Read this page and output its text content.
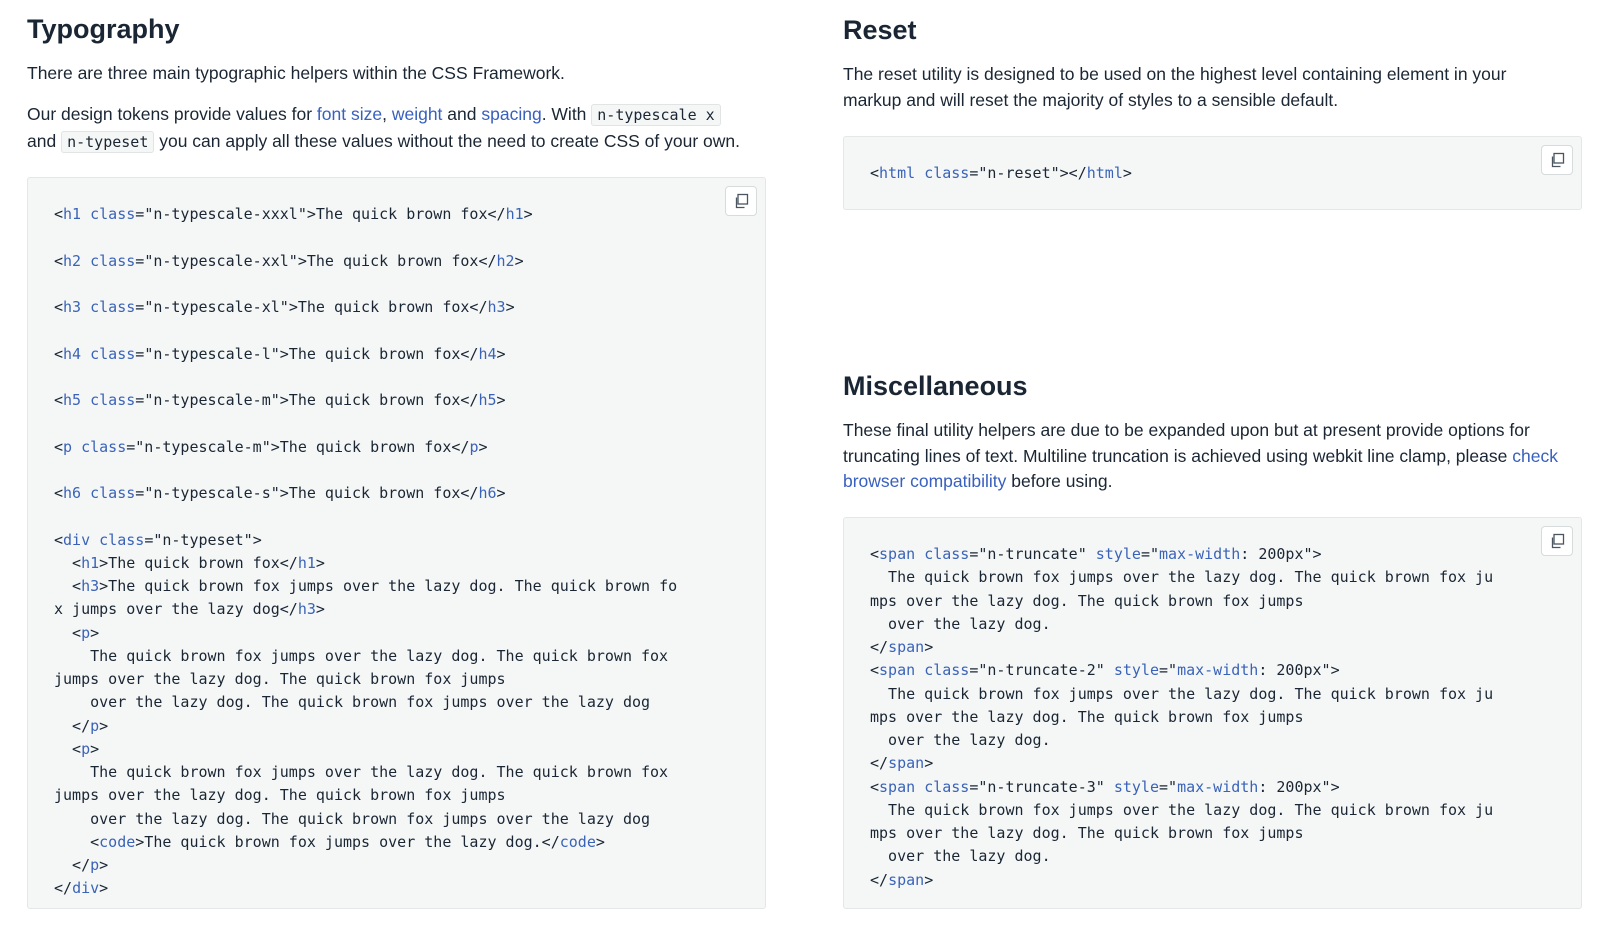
Typography

There are three main typographic helpers within the CSS Framework.

Our design tokens provide values for font size, weight and spacing. With n-typescale x
and n-typeset you can apply all these values without the need to create CSS of your own.

<h1 class="n-typescale-xxxl">The quick brown fox</h1>

<h2 class="n-typescale-xxl">The quick brown fox</h2>

<h3 class="n-typescale-xl">The quick brown fox</h3>

<h4 class="n-typescale-l">The quick brown fox</h4>

<h5 class="n-typescale-m">The quick brown fox</h5>

<p class="n-typescale-m">The quick brown fox</p>

<h6 class="n-typescale-s">The quick brown fox</h6>

<div class="n-typeset">
<h1>The quick brown fox</h1>
<h3>The quick brown fox jumps over the lazy dog. The quick brown fo
x jumps over the lazy dog</h3>
<p>
The quick brown fox jumps over the lazy dog. The quick brown fox
jumps over the lazy dog. The quick brown fox jumps
over the lazy dog. The quick brown fox jumps over the lazy dog
</p>
<p>
The quick brown fox jumps over the lazy dog. The quick brown fox
jumps over the lazy dog. The quick brown fox jumps
over the lazy dog. The quick brown fox jumps over the lazy dog
<code>The quick brown fox jumps over the lazy dog.</code>
</p>
</div>
Reset

The reset utility is designed to be used on the highest level containing element in your markup and will reset the majority of styles to a sensible default.

<html class="n-reset"></html>
Miscellaneous

These final utility helpers are due to be expanded upon but at present provide options for truncating lines of text. Multiline truncation is achieved using webkit line clamp, please check browser compatibility before using.

<span class="n-truncate" style="max-width: 200px">
The quick brown fox jumps over the lazy dog. The quick brown fox ju
mps over the lazy dog. The quick brown fox jumps
over the lazy dog.
</span>
<span class="n-truncate-2" style="max-width: 200px">
The quick brown fox jumps over the lazy dog. The quick brown fox ju
mps over the lazy dog. The quick brown fox jumps
over the lazy dog.
</span>
<span class="n-truncate-3" style="max-width: 200px">
The quick brown fox jumps over the lazy dog. The quick brown fox ju
mps over the lazy dog. The quick brown fox jumps
over the lazy dog.
</span>
